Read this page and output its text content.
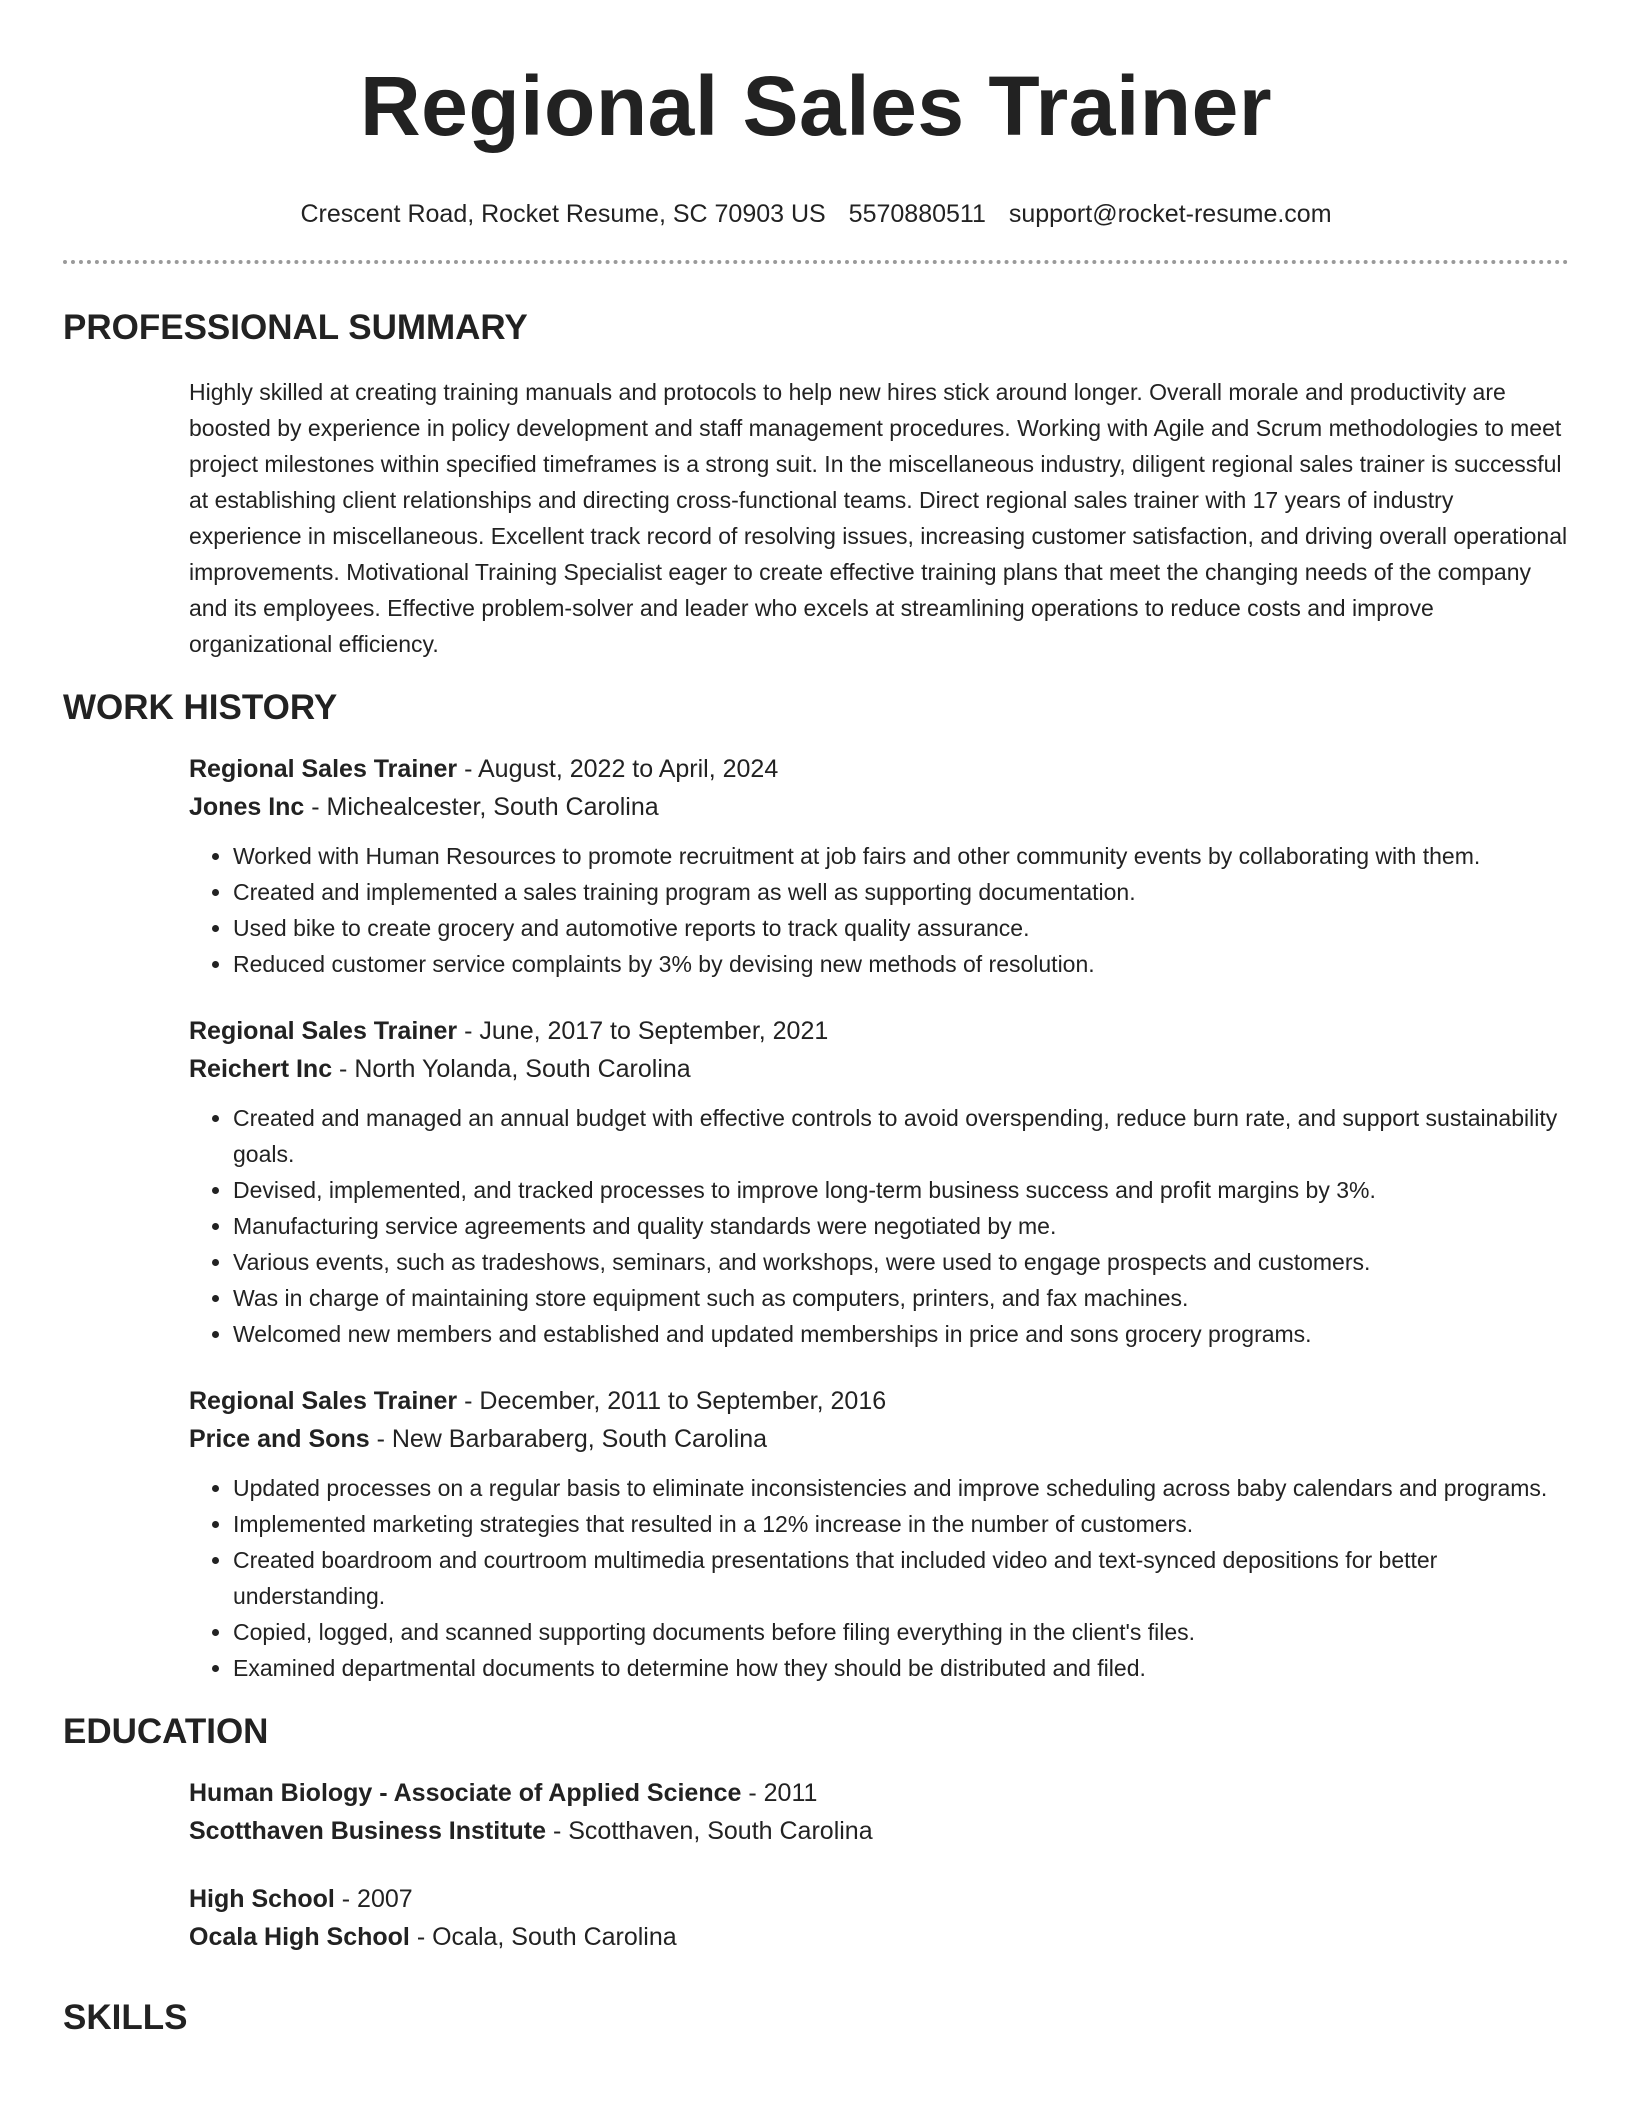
Regional Sales Trainer
Crescent Road, Rocket Resume, SC 70903 US 5570880511 support@rocket-resume.com
PROFESSIONAL SUMMARY

Highly skilled at creating training manuals and protocols to help new hires stick around longer. Overall morale and productivity are boosted by experience in policy development and staff management procedures. Working with Agile and Scrum methodologies to meet project milestones within specified timeframes is a strong suit. In the miscellaneous industry, diligent regional sales trainer is successful at establishing client relationships and directing cross-functional teams. Direct regional sales trainer with 17 years of industry experience in miscellaneous. Excellent track record of resolving issues, increasing customer satisfaction, and driving overall operational improvements. Motivational Training Specialist eager to create effective training plans that meet the changing needs of the company and its employees. Effective problem-solver and leader who excels at streamlining operations to reduce costs and improve organizational efficiency.

WORK HISTORY
Regional Sales Trainer - August, 2022 to April, 2024
Jones Inc - Michealcester, South Carolina
• Worked with Human Resources to promote recruitment at job fairs and other community events by collaborating with them.
• Created and implemented a sales training program as well as supporting documentation.
• Used bike to create grocery and automotive reports to track quality assurance.
• Reduced customer service complaints by 3% by devising new methods of resolution.
Regional Sales Trainer - June, 2017 to September, 2021
Reichert Inc - North Yolanda, South Carolina
• Created and managed an annual budget with effective controls to avoid overspending, reduce burn rate, and support sustainability goals.
• Devised, implemented, and tracked processes to improve long-term business success and profit margins by 3%.
• Manufacturing service agreements and quality standards were negotiated by me.
• Various events, such as tradeshows, seminars, and workshops, were used to engage prospects and customers.
• Was in charge of maintaining store equipment such as computers, printers, and fax machines.
• Welcomed new members and established and updated memberships in price and sons grocery programs.
Regional Sales Trainer - December, 2011 to September, 2016
Price and Sons - New Barbaraberg, South Carolina
• Updated processes on a regular basis to eliminate inconsistencies and improve scheduling across baby calendars and programs.
• Implemented marketing strategies that resulted in a 12% increase in the number of customers.
• Created boardroom and courtroom multimedia presentations that included video and text-synced depositions for better understanding.
• Copied, logged, and scanned supporting documents before filing everything in the client's files.
• Examined departmental documents to determine how they should be distributed and filed.
EDUCATION
Human Biology - Associate of Applied Science - 2011
Scotthaven Business Institute - Scotthaven, South Carolina
High School - 2007
Ocala High School - Ocala, South Carolina
SKILLS
